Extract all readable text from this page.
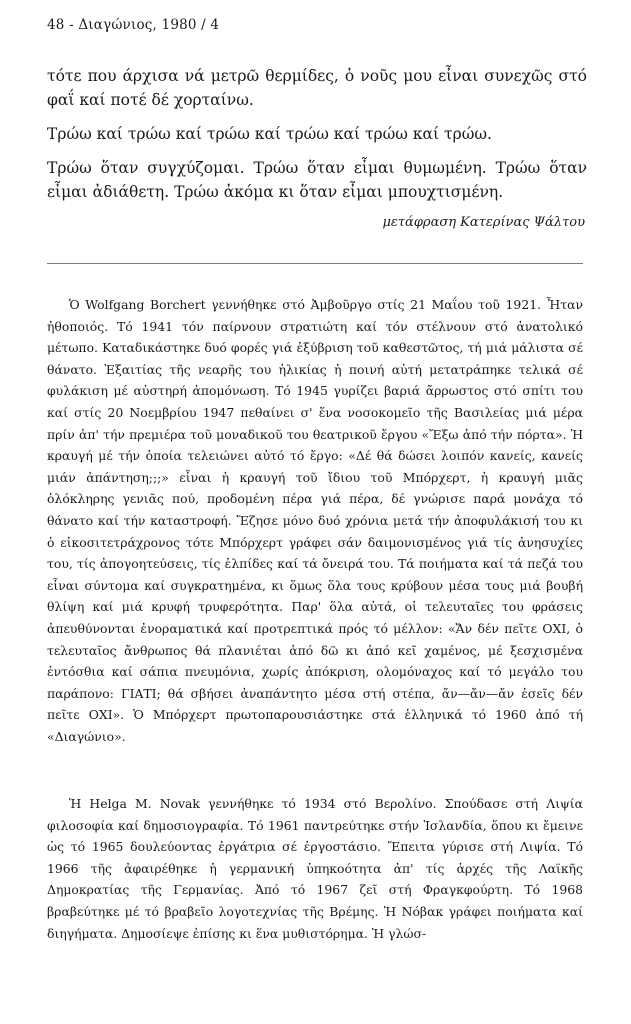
48 - Διαγώνιος, 1980 / 4

τότε που άρχισα νά μετρῶ θερμίδες, ὁ νοῦς μου εἶναι συνεχῶς στό φαΐ καί ποτέ δέ χορταίνω.

Τρώω καί τρώω καί τρώω καί τρώω καί τρώω καί τρώω.

Τρώω ὅταν συγχύζομαι. Τρώω ὅταν εἶμαι θυμωμένη. Τρώω ὅταν εἶμαι ἀδιάθετη. Τρώω ἀκόμα κι ὅταν εἶμαι μπουχτισμένη.

μετάφραση Κατερίνας Ψάλτου
Ὁ Wolfgang Borchert γεννήθηκε στό Ἀμβοῦργο στίς 21 Μαΐου τοῦ 1921. Ἦταν ἠθοποιός. Τό 1941 τόν παίρνουν στρατιώτη καί τόν στέλνουν στό ἀνατολικό μέτωπο. Καταδικάστηκε δυό φορές γιά ἐξύβριση τοῦ καθεστῶτος, τή μιά μάλιστα σέ θάνατο. Ἐξαιτίας τῆς νεαρῆς του ἡλικίας ἡ ποινή αὐτή μετατράπηκε τελικά σέ φυλάκιση μέ αὐστηρή ἀπομόνωση. Τό 1945 γυρίζει βαριά ἄρρωστος στό σπίτι του καί στίς 20 Νοεμβρίου 1947 πεθαίνει σ' ἕνα νοσοκομεῖο τῆς Βασιλείας μιά μέρα πρίν ἀπ' τήν πρεμιέρα τοῦ μοναδικοῦ του θεατρικοῦ ἔργου «Ἔξω ἀπό τήν πόρτα». Ἡ κραυγή μέ τήν ὁποία τελειώνει αὐτό τό ἔργο: «Δέ θά δώσει λοιπόν κανείς, κανείς μιάν ἀπάντηση;;;» εἶναι ἡ κραυγή τοῦ ἴδιου τοῦ Μπόρχερτ, ἡ κραυγή μιᾶς ὁλόκληρης γενιᾶς πού, προδομένη πέρα γιά πέρα, δέ γνώρισε παρά μονάχα τό θάνατο καί τήν καταστροφή. Ἔζησε μόνο δυό χρόνια μετά τήν ἀποφυλάκισή του κι ὁ εἰκοσιτετράχρονος τότε Μπόρχερτ γράφει σάν δαιμονισμένος γιά τίς ἀνησυχίες του, τίς ἀπογοητεύσεις, τίς ἐλπίδες καί τά ὄνειρά του. Τά ποιήματα καί τά πεζά του εἶναι σύντομα καί συγκρατημένα, κι ὅμως ὅλα τους κρύβουν μέσα τους μιά βουβή θλίψη καί μιά κρυφή τρυφερότητα. Παρ' ὅλα αὐτά, οἱ τελευταῖες του φράσεις ἀπευθύνονται ἐνοραματικά καί προτρεπτικά πρός τό μέλλον: «Ἄν δέν πεῖτε ΟΧΙ, ὁ τελευταῖος ἄνθρωπος θά πλανιέται ἀπό δῶ κι ἀπό κεῖ χαμένος, μέ ξεσχισμένα ἐντόσθια καί σάπια πνευμόνια, χωρίς ἀπόκριση, ολομόναχος καί τό μεγάλο του παράπονο: ΓΙΑΤΙ; θά σβήσει ἀναπάντητο μέσα στή στέπα, ἄν—ἄν—ἄν ἐσεῖς δέν πεῖτε ΟΧΙ». Ὁ Μπόρχερτ πρωτοπαρουσιάστηκε στά ἑλληνικά τό 1960 ἀπό τή «Διαγώνιο».
Ἡ Helga M. Novak γεννήθηκε τό 1934 στό Βερολίνο. Σπούδασε στή Λιψία φιλοσοφία καί δημοσιογραφία. Τό 1961 παντρεύτηκε στήν Ἰσλανδία, ὅπου κι ἔμεινε ὡς τό 1965 δουλεύοντας ἐργάτρια σέ ἐργοστάσιο. Ἔπειτα γύρισε στή Λιψία. Τό 1966 τῆς ἀφαιρέθηκε ἡ γερμανική ὑπηκοότητα ἀπ' τίς ἀρχές τῆς Λαϊκῆς Δημοκρατίας τῆς Γερμανίας. Ἀπό τό 1967 ζεῖ στή Φραγκφούρτη. Τό 1968 βραβεύτηκε μέ τό βραβεῖο λογοτεχνίας τῆς Βρέμης. Ἡ Νόβακ γράφει ποιήματα καί διηγήματα. Δημοσίεψε ἐπίσης κι ἕνα μυθιστόρημα. Ἡ γλώσ-
